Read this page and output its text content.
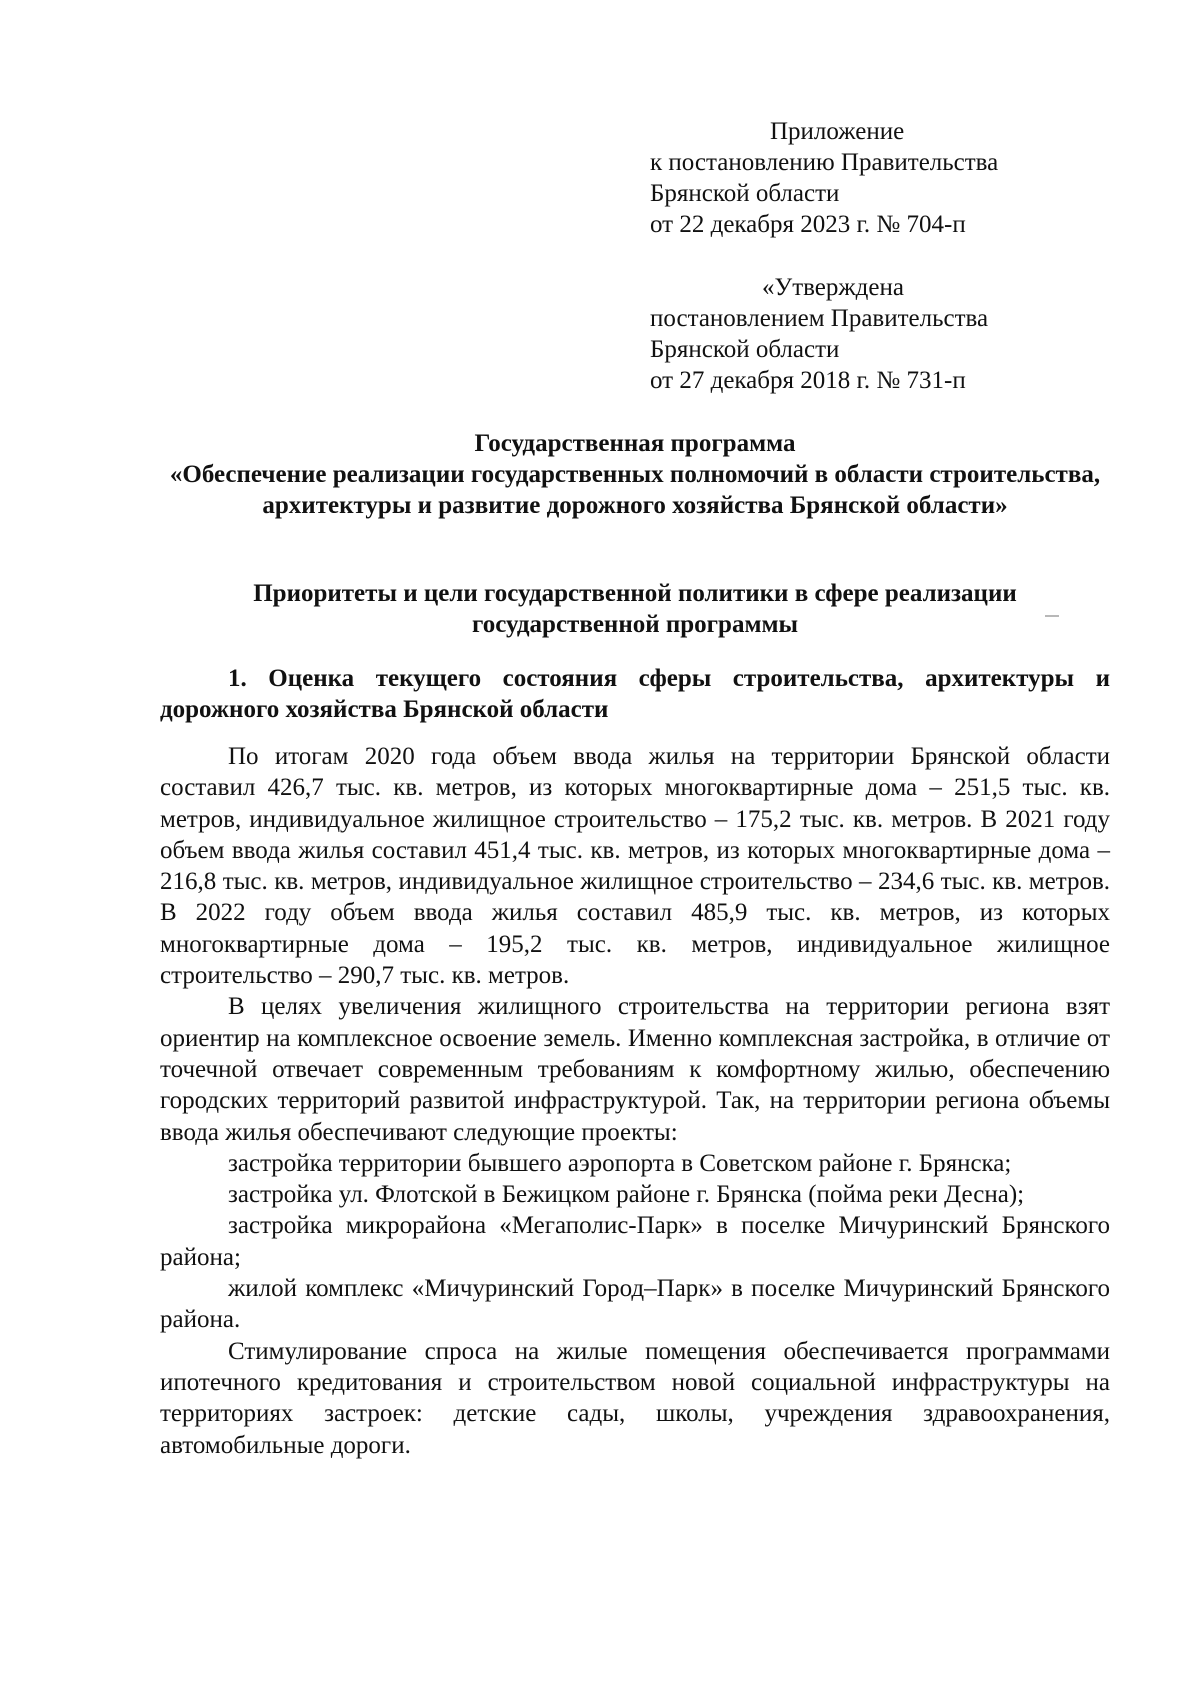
Приложение
к постановлению Правительства
Брянской области
от 22 декабря 2023 г. № 704-п
«Утверждена
постановлением Правительства
Брянской области
от 27 декабря 2018 г. № 731-п
Государственная программа
«Обеспечение реализации государственных полномочий в области строительства, архитектуры и развитие дорожного хозяйства Брянской области»
Приоритеты и цели государственной политики в сфере реализации государственной программы
1. Оценка текущего состояния сферы строительства, архитектуры и дорожного хозяйства Брянской области

По итогам 2020 года объем ввода жилья на территории Брянской области составил 426,7 тыс. кв. метров, из которых многоквартирные дома – 251,5 тыс. кв. метров, индивидуальное жилищное строительство – 175,2 тыс. кв. метров. В 2021 году объем ввода жилья составил 451,4 тыс. кв. метров, из которых многоквартирные дома – 216,8 тыс. кв. метров, индивидуальное жилищное строительство – 234,6 тыс. кв. метров. В 2022 году объем ввода жилья составил 485,9 тыс. кв. метров, из которых многоквартирные дома – 195,2 тыс. кв. метров, индивидуальное жилищное строительство – 290,7 тыс. кв. метров.

В целях увеличения жилищного строительства на территории региона взят ориентир на комплексное освоение земель. Именно комплексная застройка, в отличие от точечной отвечает современным требованиям к комфортному жилью, обеспечению городских территорий развитой инфраструктурой. Так, на территории региона объемы ввода жилья обеспечивают следующие проекты:

застройка территории бывшего аэропорта в Советском районе г. Брянска;

застройка ул. Флотской в Бежицком районе г. Брянска (пойма реки Десна);

застройка микрорайона «Мегаполис-Парк» в поселке Мичуринский Брянского района;

жилой комплекс «Мичуринский Город–Парк» в поселке Мичуринский Брянского района.

Стимулирование спроса на жилые помещения обеспечивается программами ипотечного кредитования и строительством новой социальной инфраструктуры на территориях застроек: детские сады, школы, учреждения здравоохранения, автомобильные дороги.
